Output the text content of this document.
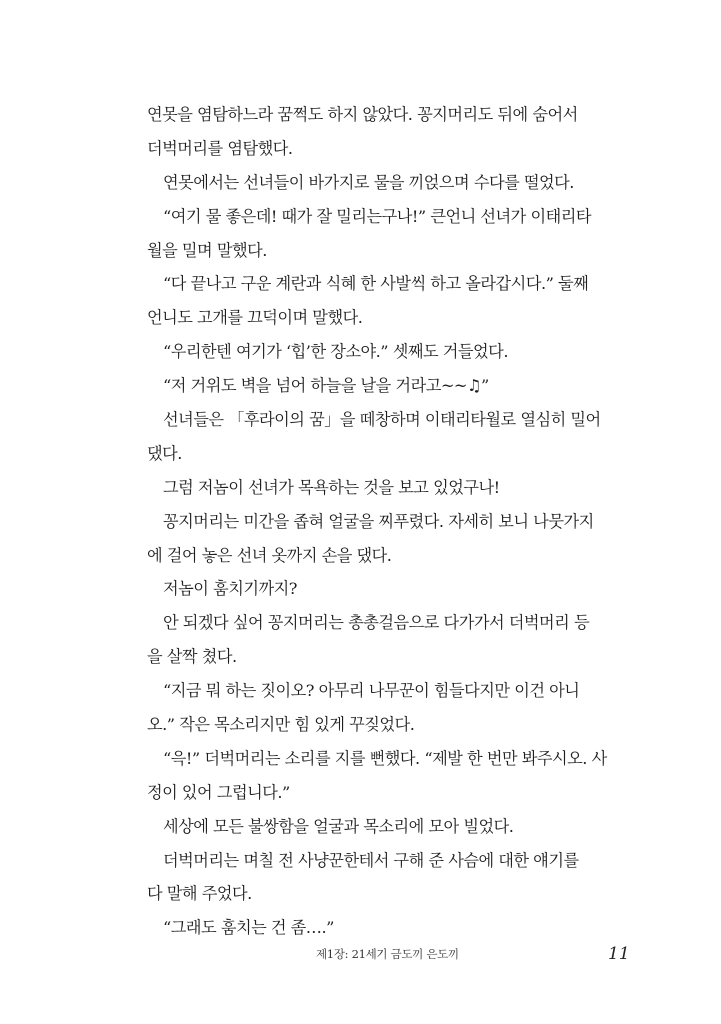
연못을 염탐하느라 꿈쩍도 하지 않았다. 꽁지머리도 뒤에 숨어서
더벅머리를 염탐했다.
연못에서는 선녀들이 바가지로 물을 끼얹으며 수다를 떨었다.
“여기 물 좋은데! 때가 잘 밀리는구나!” 큰언니 선녀가 이태리타
월을 밀며 말했다.
“다 끝나고 구운 계란과 식혜 한 사발씩 하고 올라갑시다.” 둘째
언니도 고개를 끄덕이며 말했다.
“우리한텐 여기가 ‘힙’한 장소야.” 셋째도 거들었다.
“저 거위도 벽을 넘어 하늘을 날을 거라고~~♫”
선녀들은 「후라이의 꿈」을 떼창하며 이태리타월로 열심히 밀어
댔다.
그럼 저놈이 선녀가 목욕하는 것을 보고 있었구나!
꽁지머리는 미간을 좁혀 얼굴을 찌푸렸다. 자세히 보니 나뭇가지
에 걸어 놓은 선녀 옷까지 손을 댔다.
저놈이 훔치기까지?
안 되겠다 싶어 꽁지머리는 총총걸음으로 다가가서 더벅머리 등
을 살짝 쳤다.
“지금 뭐 하는 짓이오? 아무리 나무꾼이 힘들다지만 이건 아니
오.” 작은 목소리지만 힘 있게 꾸짖었다.
“윽!” 더벅머리는 소리를 지를 뻔했다. “제발 한 번만 봐주시오. 사
정이 있어 그럽니다.”
세상에 모든 불쌍함을 얼굴과 목소리에 모아 빌었다.
더벅머리는 며칠 전 사냥꾼한테서 구해 준 사슴에 대한 얘기를
다 말해 주었다.
“그래도 훔치는 건 좀….”
제1장: 21세기 금도끼 은도끼	11
